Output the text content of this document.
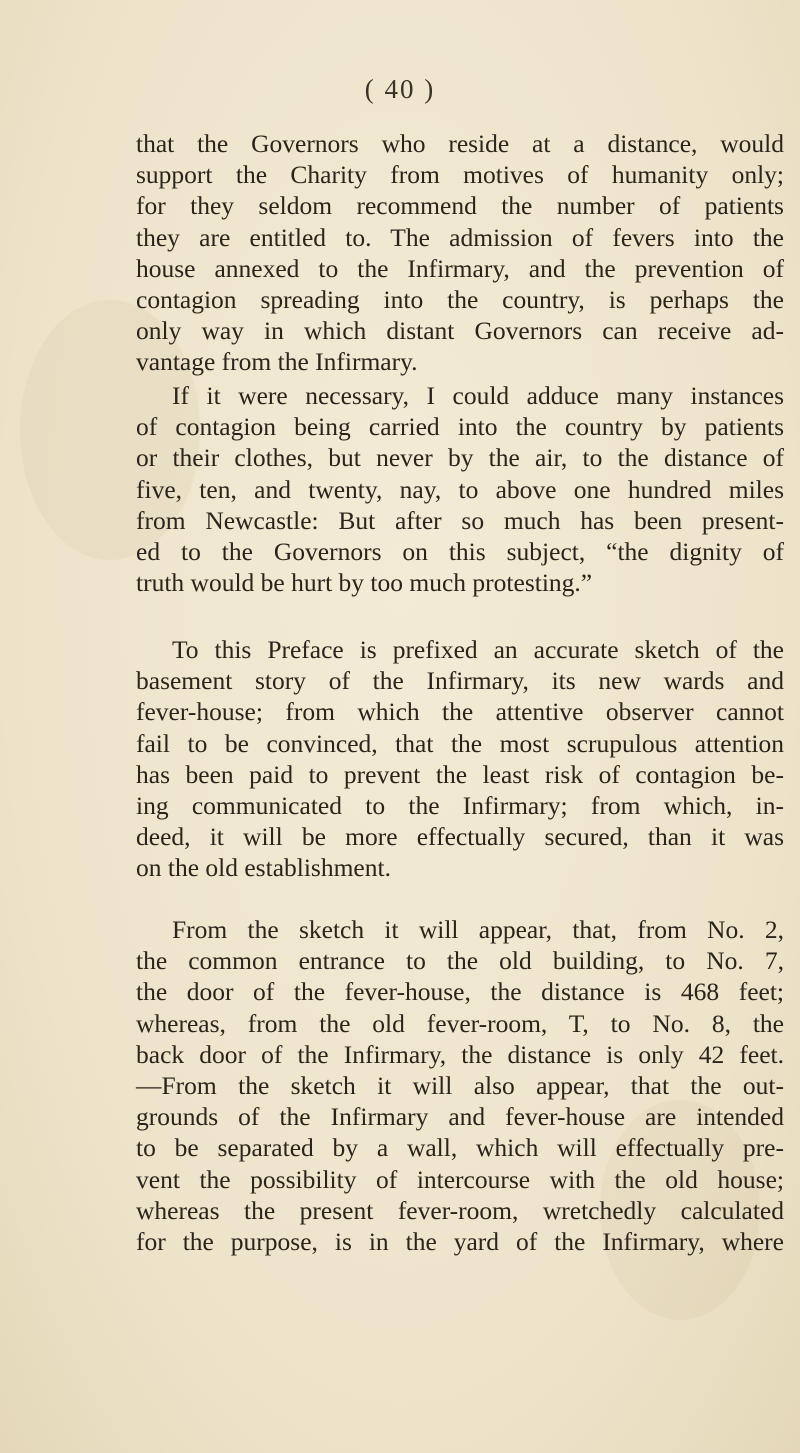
( 40 )
that the Governors who reside at a distance, would
support the Charity from motives of humanity only;
for they seldom recommend the number of patients
they are entitled to. The admission of fevers into the
house annexed to the Infirmary, and the prevention of
contagion spreading into the country, is perhaps the
only way in which distant Governors can receive ad-
vantage from the Infirmary.
If it were necessary, I could adduce many instances
of contagion being carried into the country by patients
or their clothes, but never by the air, to the distance of
five, ten, and twenty, nay, to above one hundred miles
from Newcastle: But after so much has been present-
ed to the Governors on this subject, “the dignity of
truth would be hurt by too much protesting.”
To this Preface is prefixed an accurate sketch of the
basement story of the Infirmary, its new wards and
fever-house; from which the attentive observer cannot
fail to be convinced, that the most scrupulous attention
has been paid to prevent the least risk of contagion be-
ing communicated to the Infirmary; from which, in-
deed, it will be more effectually secured, than it was
on the old establishment.
From the sketch it will appear, that, from No. 2,
the common entrance to the old building, to No. 7,
the door of the fever-house, the distance is 468 feet;
whereas, from the old fever-room, T, to No. 8, the
back door of the Infirmary, the distance is only 42 feet.
—From the sketch it will also appear, that the out-
grounds of the Infirmary and fever-house are intended
to be separated by a wall, which will effectually pre-
vent the possibility of intercourse with the old house;
whereas the present fever-room, wretchedly calculated
for the purpose, is in the yard of the Infirmary, where
